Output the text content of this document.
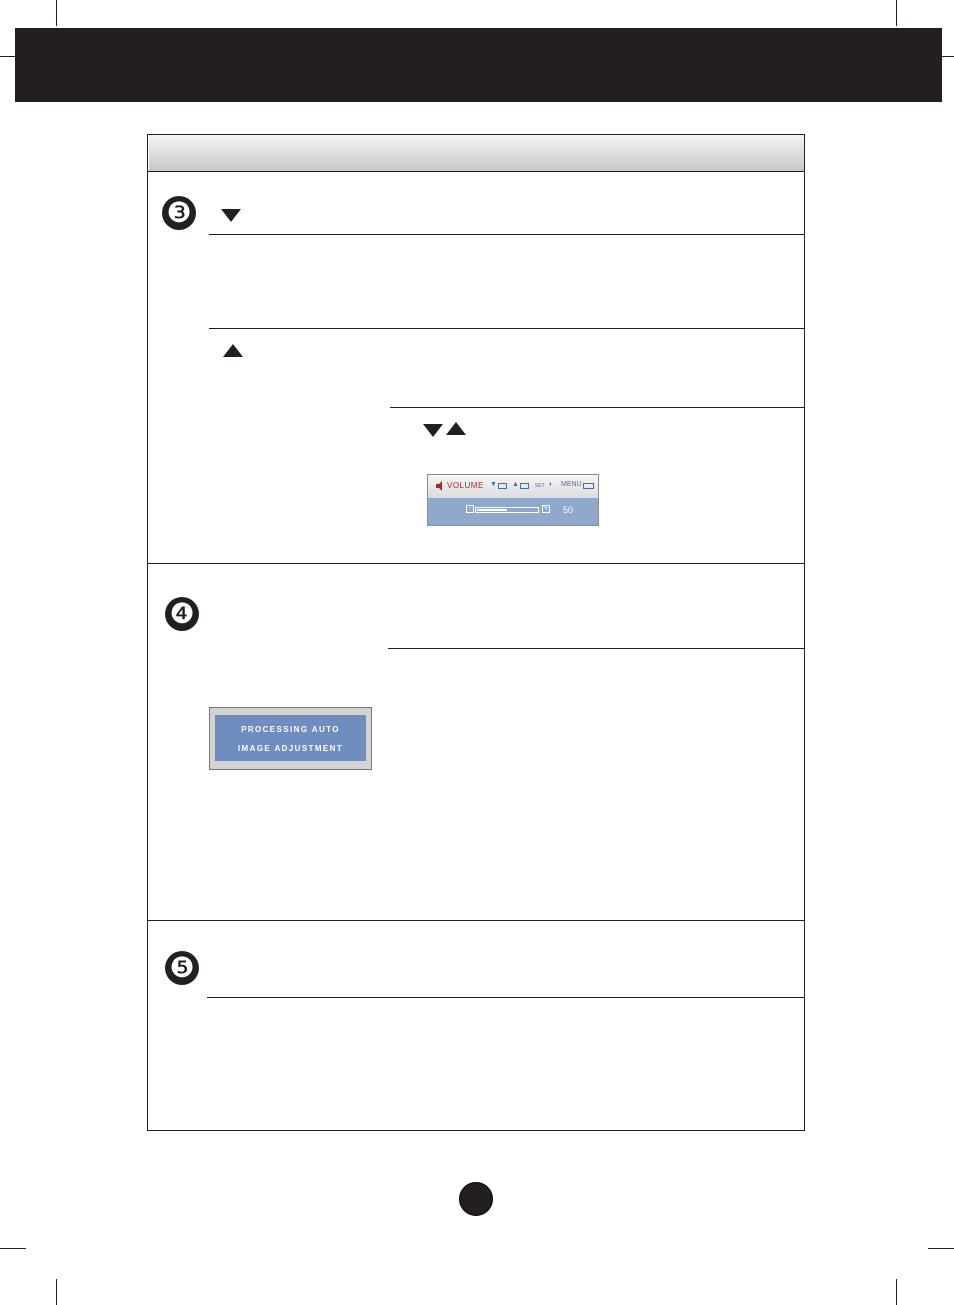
❸
VOLUME ▼ ▲	SET ◐ MENU
-	+ 50
❹
PROCESSING AUTO
IMAGE ADJUSTMENT
❺
